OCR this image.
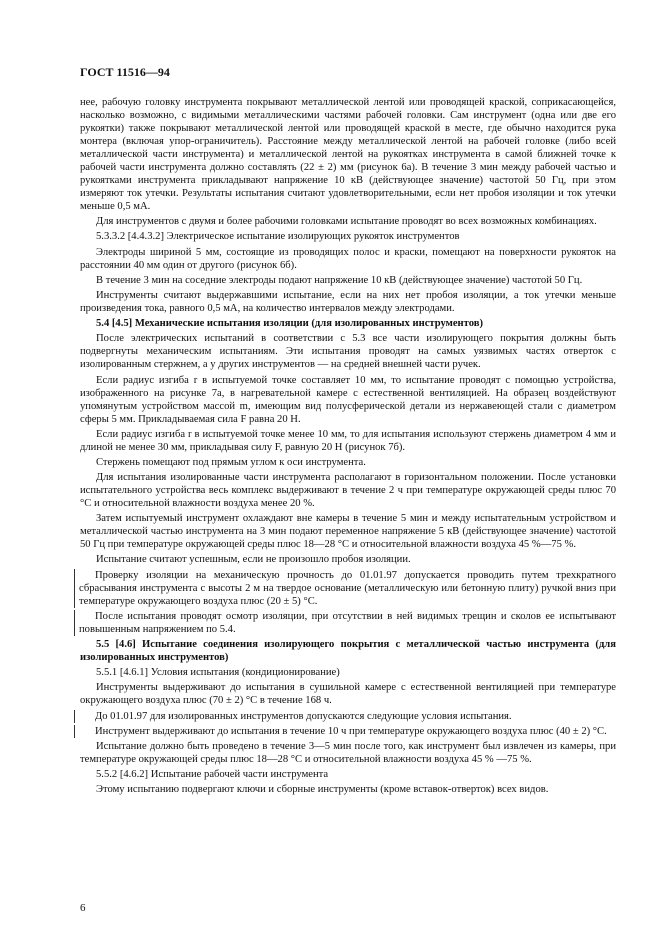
ГОСТ 11516—94

нее, рабочую головку инструмента покрывают металлической лентой или проводящей краской, соприкасающейся, насколько возможно, с видимыми металлическими частями рабочей головки. Сам инструмент (одна или две его рукоятки) также покрывают металлической лентой или проводящей краской в месте, где обычно находится рука монтера (включая упор-ограничитель). Расстояние между металлической лентой на рабочей головке (либо всей металлической части инструмента) и металлической лентой на рукоятках инструмента в самой ближней точке к рабочей части инструмента должно составлять (22 ± 2) мм (рисунок 6а). В течение 3 мин между рабочей частью и рукоятками инструмента прикладывают напряжение 10 кВ (действующее значение) частотой 50 Гц, при этом измеряют ток утечки. Результаты испытания считают удовлетворительными, если нет пробоя изоляции и ток утечки меньше 0,5 мА.

Для инструментов с двумя и более рабочими головками испытание проводят во всех возможных комбинациях.

5.3.3.2 [4.4.3.2] Электрическое испытание изолирующих рукояток инструментов

Электроды шириной 5 мм, состоящие из проводящих полос и краски, помещают на поверхности рукояток на расстоянии 40 мм один от другого (рисунок 6б).

В течение 3 мин на соседние электроды подают напряжение 10 кВ (действующее значение) частотой 50 Гц.

Инструменты считают выдержавшими испытание, если на них нет пробоя изоляции, а ток утечки меньше произведения тока, равного 0,5 мА, на количество интервалов между электродами.

5.4 [4.5] Механические испытания изоляции (для изолированных инструментов)

После электрических испытаний в соответствии с 5.3 все части изолирующего покрытия должны быть подвергнуты механическим испытаниям. Эти испытания проводят на самых уязвимых частях отверток с изолированным стержнем, а у других инструментов — на средней внешней части ручек.

Если радиус изгиба r в испытуемой точке составляет 10 мм, то испытание проводят с помощью устройства, изображенного на рисунке 7а, в нагревательной камере с естественной вентиляцией. На образец воздействуют упомянутым устройством массой m, имеющим вид полусферической детали из нержавеющей стали с диаметром сферы 5 мм. Прикладываемая сила F равна 20 Н.

Если радиус изгиба r в испытуемой точке менее 10 мм, то для испытания используют стержень диаметром 4 мм и длиной не менее 30 мм, прикладывая силу F, равную 20 Н (рисунок 7б).

Стержень помещают под прямым углом к оси инструмента.

Для испытания изолированные части инструмента располагают в горизонтальном положении. После установки испытательного устройства весь комплекс выдерживают в течение 2 ч при температуре окружающей среды плюс 70 °С и относительной влажности воздуха менее 20 %.

Затем испытуемый инструмент охлаждают вне камеры в течение 5 мин и между испытательным устройством и металлической частью инструмента на 3 мин подают переменное напряжение 5 кВ (действующее значение) частотой 50 Гц при температуре окружающей среды плюс 18—28 °С и относительной влажности воздуха 45 %—75 %.

Испытание считают успешным, если не произошло пробоя изоляции.

Проверку изоляции на механическую прочность до 01.01.97 допускается проводить путем трехкратного сбрасывания инструмента с высоты 2 м на твердое основание (металлическую или бетонную плиту) ручкой вниз при температуре окружающего воздуха плюс (20 ± 5) °С.

После испытания проводят осмотр изоляции, при отсутствии в ней видимых трещин и сколов ее испытывают повышенным напряжением по 5.4.

5.5 [4.6] Испытание соединения изолирующего покрытия с металлической частью инструмента (для изолированных инструментов)

5.5.1 [4.6.1] Условия испытания (кондиционирование)

Инструменты выдерживают до испытания в сушильной камере с естественной вентиляцией при температуре окружающего воздуха плюс (70 ± 2) °С в течение 168 ч.

До 01.01.97 для изолированных инструментов допускаются следующие условия испытания.

Инструмент выдерживают до испытания в течение 10 ч при температуре окружающего воздуха плюс (40 ± 2) °С.

Испытание должно быть проведено в течение 3—5 мин после того, как инструмент был извлечен из камеры, при температуре окружающей среды плюс 18—28 °С и относительной влажности воздуха 45 % —75 %.

5.5.2 [4.6.2] Испытание рабочей части инструмента

Этому испытанию подвергают ключи и сборные инструменты (кроме вставок-отверток) всех видов.

6
